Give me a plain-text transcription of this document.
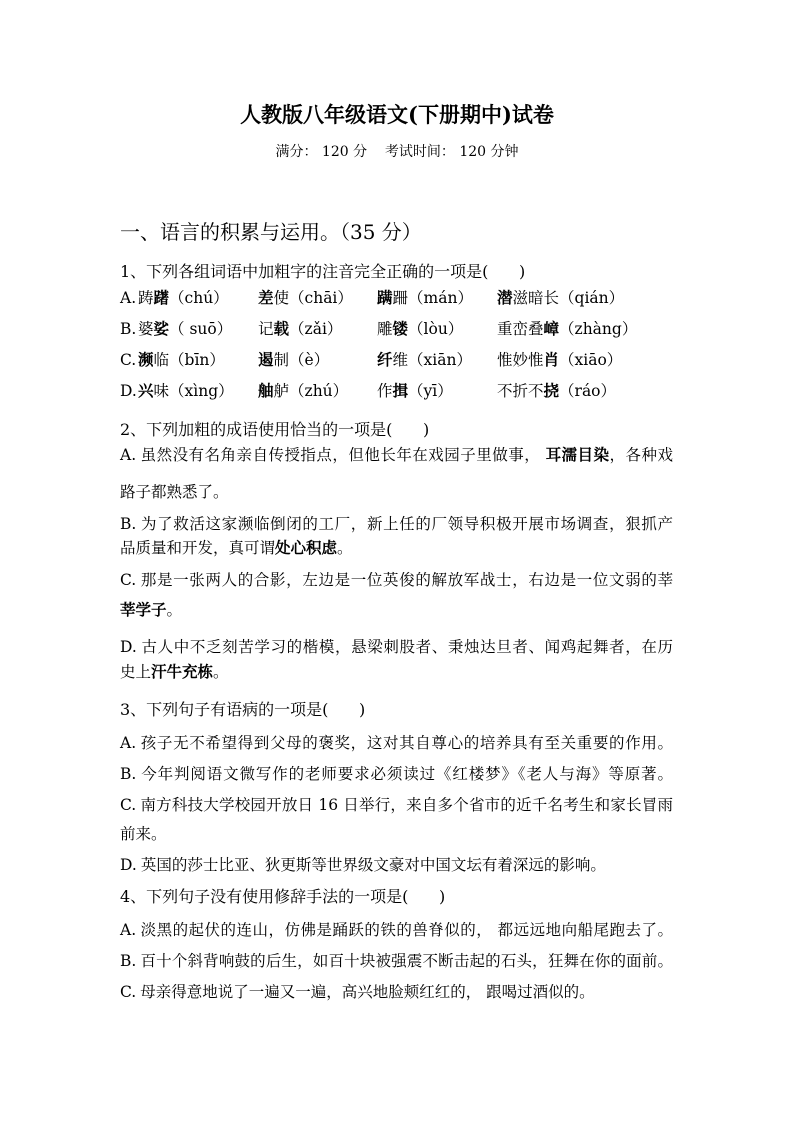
人教版八年级语文(下册期中)试卷
满分： 120 分    考试时间： 120 分钟
一、语言的积累与运用。（35 分）
1、下列各组词语中加粗字的注音完全正确的一项是(      )
A. 踌躇（chú） 差使（chāi） 蹒跚（mán） 潜滋暗长（qián）
B. 婆娑（ suō） 记载（zǎi） 雕镂（lòu） 重峦叠嶂（zhàng）
C. 濒临（bīn） 遏制（è）	纤维（xiān） 惟妙惟肖（xiāo）
D. 兴味（xìng） 舳舻（zhú） 作揖（yī）	不折不挠（ráo）
2、下列加粗的成语使用恰当的一项是(      )
A. 虽然没有名角亲自传授指点，但他长年在戏园子里做事， 耳濡目染，各种戏
路子都熟悉了。
B. 为了救活这家濒临倒闭的工厂，新上任的厂领导积极开展市场调查，狠抓产
品质量和开发，真可谓处心积虑。
C. 那是一张两人的合影，左边是一位英俊的解放军战士，右边是一位文弱的莘
莘学子。
D. 古人中不乏刻苦学习的楷模，悬梁刺股者、秉烛达旦者、闻鸡起舞者，在历
史上汗牛充栋。
3、下列句子有语病的一项是(      )
A. 孩子无不希望得到父母的褒奖，这对其自尊心的培养具有至关重要的作用。
B. 今年判阅语文微写作的老师要求必须读过《红楼梦》《老人与海》等原著。
C. 南方科技大学校园开放日 16 日举行，来自多个省市的近千名考生和家长冒雨
前来。
D. 英国的莎士比亚、狄更斯等世界级文豪对中国文坛有着深远的影响。
4、下列句子没有使用修辞手法的一项是(      )
A. 淡黑的起伏的连山，仿佛是踊跃的铁的兽脊似的， 都远远地向船尾跑去了。
B. 百十个斜背响鼓的后生，如百十块被强震不断击起的石头，狂舞在你的面前。
C. 母亲得意地说了一遍又一遍，高兴地脸颊红红的， 跟喝过酒似的。
